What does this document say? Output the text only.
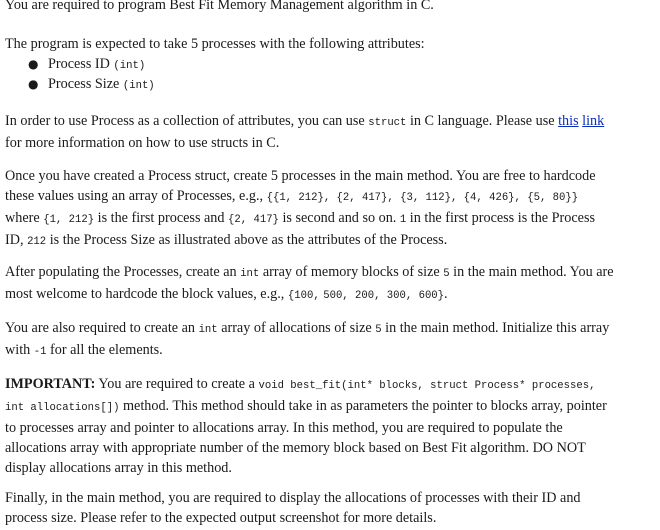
You are required to program Best Fit Memory Management algorithm in C.

The program is expected to take 5 processes with the following attributes:

● Process ID (int)
● Process Size (int)

In order to use Process as a collection of attributes, you can use struct in C language. Please use this link for more information on how to use structs in C.

Once you have created a Process struct, create 5 processes in the main method. You are free to hardcode these values using an array of Processes, e.g., {{1, 212}, {2, 417}, {3, 112}, {4, 426}, {5, 80}} where {1, 212} is the first process and {2, 417} is second and so on. 1 in the first process is the Process ID, 212 is the Process Size as illustrated above as the attributes of the Process.

After populating the Processes, create an int array of memory blocks of size 5 in the main method. You are most welcome to hardcode the block values, e.g., {100, 500, 200, 300, 600}.

You are also required to create an int array of allocations of size 5 in the main method. Initialize this array with -1 for all the elements.

IMPORTANT: You are required to create a void best_fit(int* blocks, struct Process* processes, int allocations[]) method. This method should take in as parameters the pointer to blocks array, pointer to processes array and pointer to allocations array. In this method, you are required to populate the allocations array with appropriate number of the memory block based on Best Fit algorithm. DO NOT display allocations array in this method.

Finally, in the main method, you are required to display the allocations of processes with their ID and process size. Please refer to the expected output screenshot for more details.
